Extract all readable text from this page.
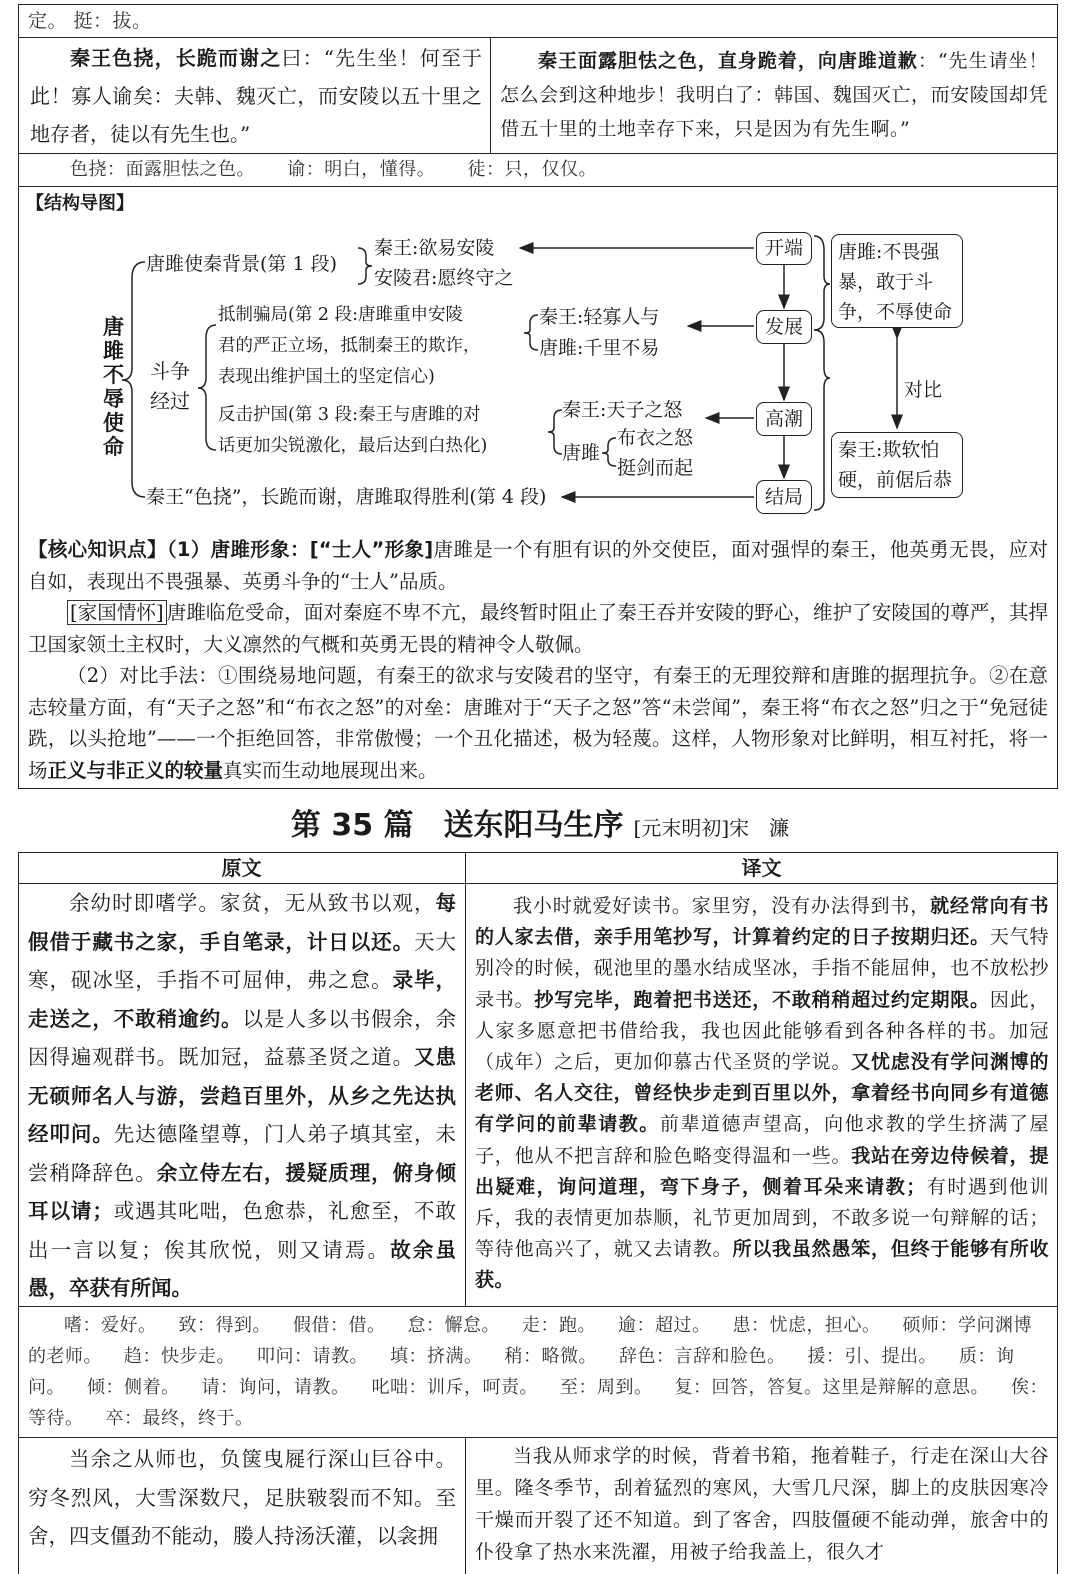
定。 挺：拔。

秦王色挠，长跪而谢之曰：“先生坐！何至于此！寡人谕矣：夫韩、魏灭亡，而安陵以五十里之地存者，徒以有先生也。”

秦王面露胆怯之色，直身跪着，向唐雎道歉：“先生请坐！怎么会到这种地步！我明白了：韩国、魏国灭亡，而安陵国却凭借五十里的土地幸存下来，只是因为有先生啊。”

色挠：面露胆怯之色。 谕：明白，懂得。 徒：只，仅仅。

【结构导图】
唐雎不辱使命
唐雎使秦背景(第 1 段)
秦王:欲易安陵
安陵君:愿终守之
斗争经过
抵制骗局(第 2 段:唐雎重申安陵
君的严正立场，抵制秦王的欺诈，
表现出维护国土的坚定信心)
秦王:轻寡人与
唐雎:千里不易
反击护国(第 3 段:秦王与唐雎的对
话更加尖锐激化，最后达到白热化)
秦王:天子之怒
唐雎
布衣之怒
挺剑而起
秦王“色挠”，长跪而谢，唐雎取得胜利(第 4 段)
开端
发展
高潮
结局
唐雎:不畏强暴，敢于斗争，不辱使命
对比
秦王:欺软怕硬，前倨后恭

【核心知识点】（1）唐雎形象：[“士人”形象]唐雎是一个有胆有识的外交使臣，面对强悍的秦王，他英勇无畏，应对自如，表现出不畏强暴、英勇斗争的“士人”品质。

[家国情怀] 唐雎临危受命，面对秦庭不卑不亢，最终暂时阻止了秦王吞并安陵的野心，维护了安陵国的尊严，其捍卫国家领土主权时，大义凛然的气概和英勇无畏的精神令人敬佩。

（2）对比手法：①围绕易地问题，有秦王的欲求与安陵君的坚守，有秦王的无理狡辩和唐雎的据理抗争。②在意志较量方面，有“天子之怒”和“布衣之怒”的对垒：唐雎对于“天子之怒”答“未尝闻”，秦王将“布衣之怒”归之于“免冠徒跣，以头抢地”——一个拒绝回答，非常傲慢；一个丑化描述，极为轻蔑。这样，人物形象对比鲜明，相互衬托，将一场正义与非正义的较量真实而生动地展现出来。

第 35 篇　送东阳马生序 [元末明初]宋　濂
原文	译文

余幼时即嗜学。家贫，无从致书以观，每假借于藏书之家，手自笔录，计日以还。天大寒，砚冰坚，手指不可屈伸，弗之怠。录毕，走送之，不敢稍逾约。以是人多以书假余，余因得遍观群书。既加冠，益慕圣贤之道。又患无硕师名人与游，尝趋百里外，从乡之先达执经叩问。先达德隆望尊，门人弟子填其室，未尝稍降辞色。余立侍左右，援疑质理，俯身倾耳以请；或遇其叱咄，色愈恭，礼愈至，不敢出一言以复；俟其欣悦，则又请焉。故余虽愚，卒获有所闻。

我小时就爱好读书。家里穷，没有办法得到书，就经常向有书的人家去借，亲手用笔抄写，计算着约定的日子按期归还。天气特别冷的时候，砚池里的墨水结成坚冰，手指不能屈伸，也不放松抄录书。抄写完毕，跑着把书送还，不敢稍稍超过约定期限。因此，人家多愿意把书借给我，我也因此能够看到各种各样的书。加冠（成年）之后，更加仰慕古代圣贤的学说。又忧虑没有学问渊博的老师、名人交往，曾经快步走到百里以外，拿着经书向同乡有道德有学问的前辈请教。前辈道德声望高，向他求教的学生挤满了屋子，他从不把言辞和脸色略变得温和一些。我站在旁边侍候着，提出疑难，询问道理，弯下身子，侧着耳朵来请教；有时遇到他训斥，我的表情更加恭顺，礼节更加周到，不敢多说一句辩解的话；等待他高兴了，就又去请教。所以我虽然愚笨，但终于能够有所收获。

嗜：爱好。 致：得到。 假借：借。 怠：懈怠。 走：跑。 逾：超过。 患：忧虑，担心。 硕师：学问渊博的老师。 趋：快步走。 叩问：请教。 填：挤满。 稍：略微。 辞色：言辞和脸色。 援：引、提出。 质：询问。 倾：侧着。 请：询问，请教。 叱咄：训斥，呵责。 至：周到。 复：回答，答复。这里是辩解的意思。 俟：等待。 卒：最终，终于。

当余之从师也，负箧曳屣行深山巨谷中。穷冬烈风，大雪深数尺，足肤皲裂而不知。至舍，四支僵劲不能动，媵人持汤沃灌，以衾拥

当我从师求学的时候，背着书箱，拖着鞋子，行走在深山大谷里。隆冬季节，刮着猛烈的寒风，大雪几尺深，脚上的皮肤因寒冷干燥而开裂了还不知道。到了客舍，四肢僵硬不能动弹，旅舍中的仆役拿了热水来洗濯，用被子给我盖上，很久才
